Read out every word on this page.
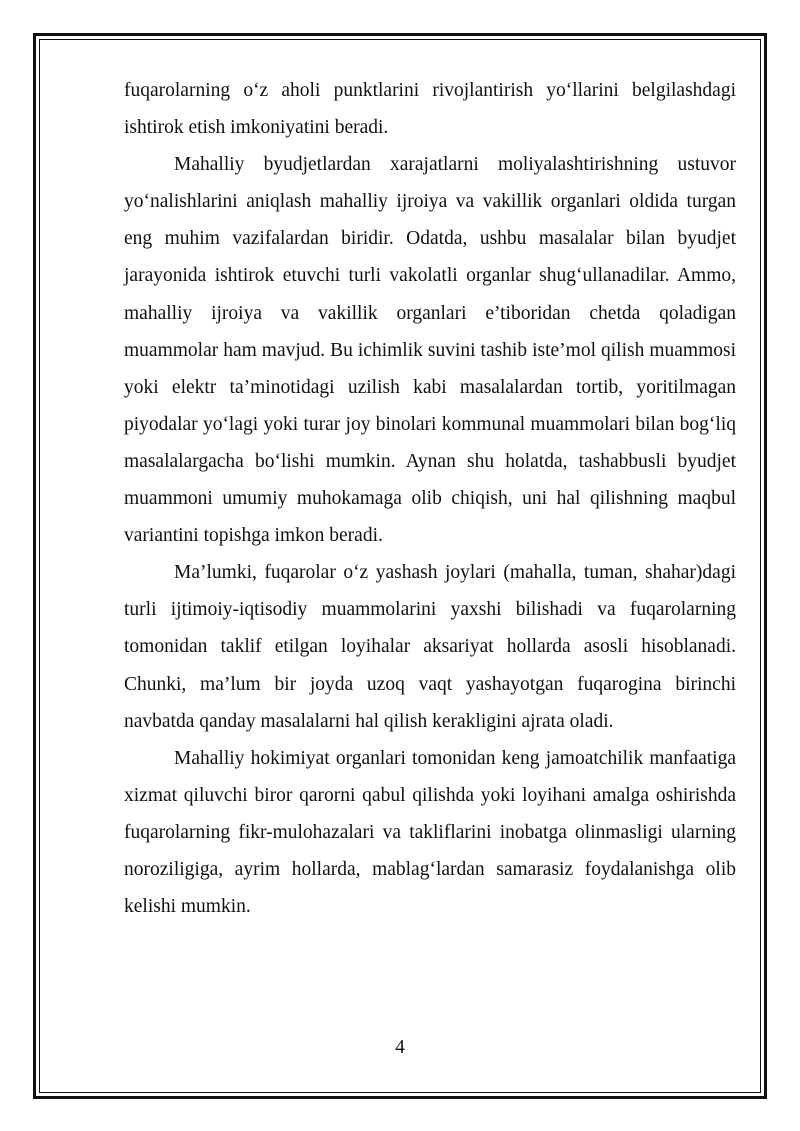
fuqarolarning o‘z aholi punktlarini rivojlantirish yo‘llarini belgilashdagi ishtirok etish imkoniyatini beradi.

Mahalliy byudjetlardan xarajatlarni moliyalashtirishning ustuvor yo‘nalishlarini aniqlash mahalliy ijroiya va vakillik organlari oldida turgan eng muhim vazifalardan biridir. Odatda, ushbu masalalar bilan byudjet jarayonida ishtirok etuvchi turli vakolatli organlar shug‘ullanadilar. Ammo, mahalliy ijroiya va vakillik organlari e’tiboridan chetda qoladigan muammolar ham mavjud. Bu ichimlik suvini tashib iste’mol qilish muammosi yoki elektr ta’minotidagi uzilish kabi masalalardan tortib, yoritilmagan piyodalar yo‘lagi yoki turar joy binolari kommunal muammolari bilan bog‘liq masalalargacha bo‘lishi mumkin. Aynan shu holatda, tashabbusli byudjet muammoni umumiy muhokamaga olib chiqish, uni hal qilishning maqbul variantini topishga imkon beradi.

Ma’lumki, fuqarolar o‘z yashash joylari (mahalla, tuman, shahar)dagi turli ijtimoiy-iqtisodiy muammolarini yaxshi bilishadi va fuqarolarning tomonidan taklif etilgan loyihalar aksariyat hollarda asosli hisoblanadi. Chunki, ma’lum bir joyda uzoq vaqt yashayotgan fuqarogina birinchi navbatda qanday masalalarni hal qilish kerakligini ajrata oladi.

Mahalliy hokimiyat organlari tomonidan keng jamoatchilik manfaatiga xizmat qiluvchi biror qarorni qabul qilishda yoki loyihani amalga oshirishda fuqarolarning fikr-mulohazalari va takliflarini inobatga olinmasligi ularning noroziligiga, ayrim hollarda, mablag‘lardan samarasiz foydalanishga olib kelishi mumkin.

4
